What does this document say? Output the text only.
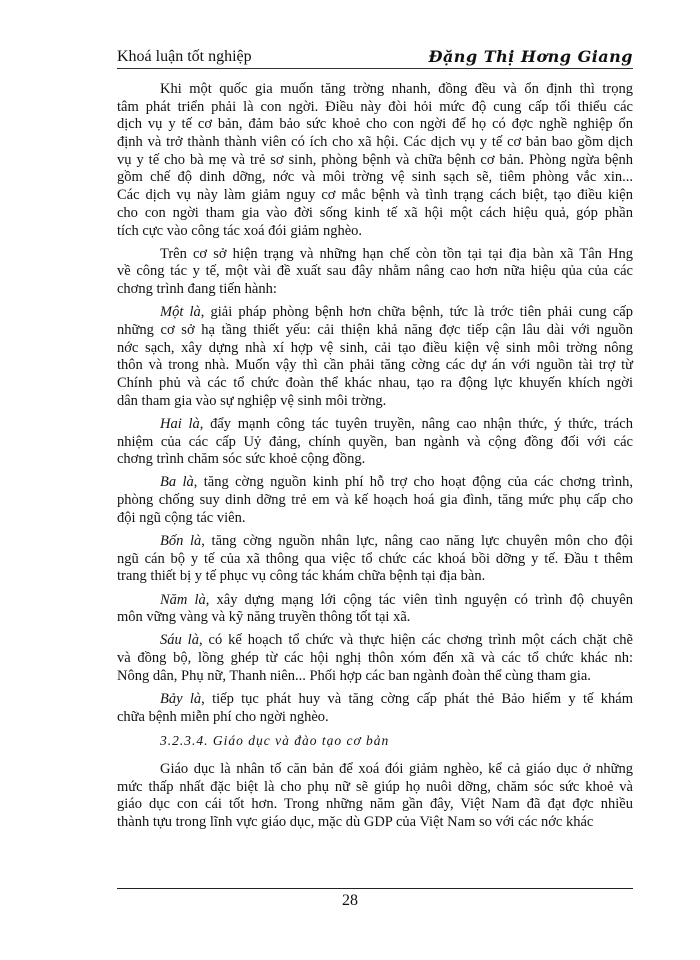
Khoá luận tốt nghiệp	Đặng Thị Hơng Giang
Khi một quốc gia muốn tăng trờng nhanh, đồng đều và ổn định thì trọng
tâm phát triển phải là con ngời. Điều này đòi hỏi mức độ cung cấp tối thiểu các
dịch vụ y tế cơ bản, đảm bảo sức khoẻ cho con ngời để họ có đợc nghề nghiệp ổn
định và trở thành thành viên có ích cho xã hội. Các dịch vụ y tế cơ bản bao gồm dịch
vụ y tế cho bà mẹ và trẻ sơ sinh, phòng bệnh và chữa bệnh cơ bản. Phòng ngừa bệnh
gồm chế độ dinh dỡng, nớc và môi trờng vệ sinh sạch sẽ, tiêm phòng vắc xin...
Các dịch vụ này làm giảm nguy cơ mắc bệnh và tình trạng cách biệt, tạo điều kiện
cho con ngời tham gia vào đời sống kinh tế xã hội một cách hiệu quả, góp phần
tích cực vào công tác xoá đói giảm nghèo.
Trên cơ sở hiện trạng và những hạn chế còn tồn tại tại địa bàn xã Tân Hng
về công tác y tế, một vài đề xuất sau đây nhằm nâng cao hơn nữa hiệu qủa của các
chơng trình đang tiến hành:
Một là, giải pháp phòng bệnh hơn chữa bệnh, tức là trớc tiên phải cung cấp
những cơ sở hạ tầng thiết yếu: cải thiện khả năng đợc tiếp cận lâu dài với nguồn
nớc sạch, xây dựng nhà xí hợp vệ sinh, cải tạo điều kiện vệ sinh môi trờng nông
thôn và trong nhà. Muốn vậy thì cần phải tăng cờng các dự án với nguồn tài trợ từ
Chính phủ và các tổ chức đoàn thể khác nhau, tạo ra động lực khuyến khích ngời
dân tham gia vào sự nghiệp vệ sinh môi trờng.
Hai là, đẩy mạnh công tác tuyên truyền, nâng cao nhận thức, ý thức, trách
nhiệm của các cấp Uỷ đảng, chính quyền, ban ngành và cộng đồng đối với các
chơng trình chăm sóc sức khoẻ cộng đồng.
Ba là, tăng cờng nguồn kinh phí hỗ trợ cho hoạt động của các chơng trình,
phòng chống suy dinh dỡng trẻ em và kế hoạch hoá gia đình, tăng mức phụ cấp cho
đội ngũ cộng tác viên.
Bốn là, tăng cờng nguồn nhân lực, nâng cao năng lực chuyên môn cho đội
ngũ cán bộ y tế của xã thông qua việc tổ chức các khoá bồi dỡng y tế. Đầu t thêm
trang thiết bị y tế phục vụ công tác khám chữa bệnh tại địa bàn.
Năm là, xây dựng mạng lới cộng tác viên tình nguyện có trình độ chuyên
môn vững vàng và kỹ năng truyền thông tốt tại xã.
Sáu là, có kế hoạch tổ chức và thực hiện các chơng trình một cách chặt chẽ
và đồng bộ, lồng ghép từ các hội nghị thôn xóm đến xã và các tổ chức khác nh:
Nông dân, Phụ nữ, Thanh niên... Phối hợp các ban ngành đoàn thể cùng tham gia.
Bảy là, tiếp tục phát huy và tăng cờng cấp phát thẻ Bảo hiểm y tế khám
chữa bệnh miễn phí cho ngời nghèo.
3.2.3.4. Giáo dục và đào tạo cơ bản
Giáo dục là nhân tố căn bản để xoá đói giảm nghèo, kể cả giáo dục ở những
mức thấp nhất đặc biệt là cho phụ nữ sẽ giúp họ nuôi dỡng, chăm sóc sức khoẻ và
giáo dục con cái tốt hơn. Trong những năm gần đây, Việt Nam đã đạt đợc nhiều
thành tựu trong lĩnh vực giáo dục, mặc dù GDP của Việt Nam so với các nớc khác
28
